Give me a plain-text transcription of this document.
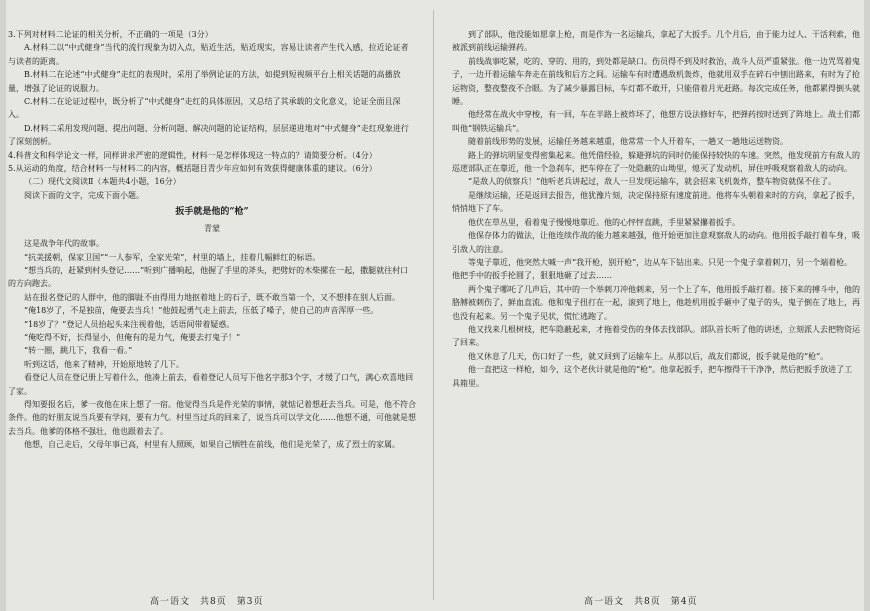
3.下列对材料二论证的相关分析，不正确的一项是（3分）

A.材料二以“中式健身”当代的流行现象为切入点，贴近生活，贴近现实，容易让读者产生代入感，拉近论证者与读者的距离。

B.材料二在论述“中式健身”走红的表现时，采用了举例论证的方法，如提到短视频平台上相关话题的高播放量，增强了论证的说服力。

C.材料二在论证过程中，既分析了“中式健身”走红的具体原因，又总结了其承载的文化意义，论证全面且深入。

D.材料二采用发现问题、提出问题、分析问题、解决问题的论证结构，层层递进地对“中式健身”走红现象进行了深刻剖析。

4.科普文和科学论文一样，同样讲求严密的逻辑性，材料一是怎样体现这一特点的？请简要分析。（4分）

5.从运动的角度，结合材料一与材料二的内容，概括题目青少年应如何有效获得健康体重的建议。（6分）

（二）现代文阅读Ⅱ（本题共4小题，16分）

阅读下面的文字，完成下面小题。

扳手就是他的“枪”

青蒙

这是战争年代的故事。

“抗美援朝，保家卫国”“一人参军，全家光荣”，村里的墙上，挂着几幅鲜红的标语。

“想当兵的，赶紧到村头登记……”听到广播响起，他握了手里的斧头，把劈好的木柴摞在一起，撒腿就往村口的方向跑去。

站在报名登记的人群中，他的脚趾不由得用力地抠着地上的石子，既不敢当第一个，又不想排在别人后面。

“俺18岁了，不是独苗，俺要去当兵！”他鼓起勇气走上前去，压低了嗓子，使自己的声音浑厚一些。

“18岁了？”登记人员抬起头来注视着他，话语间带着疑惑。

“俺吃得不好，长得显小，但俺有的是力气，俺要去打鬼子！”

“转一圈，跳几下，我看一看。”

听到这话，他来了精神，开始原地转了几下。

看登记人员在登记册上写着什么，他凑上前去，看着登记人员写下他名字那3个字，才缓了口气，满心欢喜地回了家。

得知要报名后，爹一夜他在床上想了一宿。他觉得当兵是件光荣的事情，就惦记着想赶去当兵。可是，他不符合条件。他的好朋友说当兵要有学问，要有力气。村里当过兵的回来了，说当兵可以学文化……他想不通，可他就是想去当兵。他爹的体格不强壮，他也跟着去了。

他想，自己走后，父母年事已高，村里有人照顾，如果自己牺牲在前线，他们是光荣了，成了烈士的家属。

到了部队，他没能如愿拿上枪，而是作为一名运输兵，拿起了大扳手。几个月后，由于能力过人、干活利索，他被派到前线运输弹药。

前线战事吃紧，吃的、穿的、用的，到处都是缺口。伤员得不到及时救治，战斗人员严重紧张。他一边咒骂着鬼子，一边开着运输车奔走在前线和后方之间。运输车有时遭遇敌机轰炸，他就用双手在碎石中刨出路来，有时为了抢运物资，整夜整夜不合眼。为了减少暴露目标，车灯都不敢开，只能借着月光赶路。每次完成任务，他都累得倒头就睡。

他经常在战火中穿梭，有一回，车在半路上被炸坏了，他想方设法修好车，把弹药按时送到了阵地上。战士们都叫他“钢铁运输兵”。

随着前线形势的发展，运输任务越来越重，他常常一个人开着车，一趟又一趟地运送物资。

路上的弹坑明显变得密集起来。他凭借经验，躲避弹坑的同时仍能保持较快的车速。突然，他发现前方有敌人的巡逻部队正在靠近，他一个急刹车，把车停在了一处隐蔽的山坳里，熄灭了发动机，屏住呼吸观察着敌人的动向。

“是敌人的侦察兵！”他听老兵讲起过，敌人一旦发现运输车，就会招来飞机轰炸，整车物资就保不住了。

是继续运输，还是返回去报告，他犹豫片刻，决定保持原有速度前进。他将车头朝着来时的方向，拿起了扳手，悄悄地下了车。

他伏在草丛里，看着鬼子慢慢地靠近。他的心怦怦直跳，手里紧紧攥着扳手。

他保存体力的做法，让他连续作战的能力越来越强，他开始更加注意观察敌人的动向。他用扳手敲打着车身，吸引敌人的注意。

等鬼子靠近，他突然大喊一声“我开枪，别开枪”，边从车下钻出来。只见一个鬼子拿着刺刀，另一个端着枪。他把手中的扳手抡圆了，狠狠地砸了过去……

两个鬼子哪吒了几声后，其中的一个举刺刀冲他刺来，另一个上了车，他用扳手敲打着。接下来的搏斗中，他的胳膊被刺伤了，鲜血直流。他和鬼子扭打在一起，滚到了地上，他趁机用扳手砸中了鬼子的头，鬼子倒在了地上，再也没有起来。另一个鬼子见状，慌忙逃跑了。

他又找来几根树枝，把车隐蔽起来，才拖着受伤的身体去找部队。部队首长听了他的讲述，立刻派人去把物资运了回来。

他又休息了几天，伤口好了一些，就又回到了运输车上。从那以后，战友们都说，扳手就是他的“枪”。

他一直把这一样枪，如今，这个老伙计就是他的“枪”。他拿起扳手，把车擦得干干净净，然后把扳手放进了工具箱里。

高一语文　共8页　第3页	高一语文　共8页　第4页
